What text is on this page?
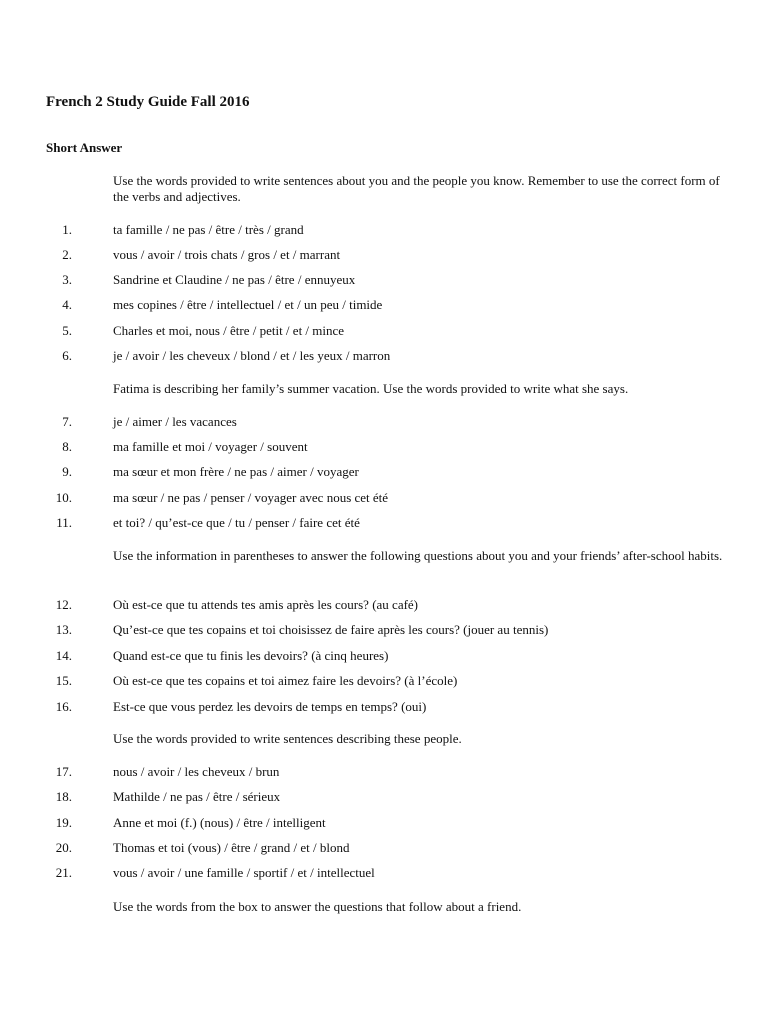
French 2 Study Guide Fall 2016
Short Answer

Use the words provided to write sentences about you and the people you know. Remember to use the correct form of the verbs and adjectives.

1.	ta famille / ne pas / être / très / grand
2.	vous / avoir / trois chats / gros / et / marrant
3.	Sandrine et Claudine / ne pas / être / ennuyeux
4.	mes copines / être / intellectuel / et / un peu / timide
5.	Charles et moi, nous / être / petit / et / mince
6.	je / avoir / les cheveux / blond / et / les yeux / marron

Fatima is describing her family’s summer vacation. Use the words provided to write what she says.

7.	je / aimer / les vacances
8.	ma famille et moi / voyager / souvent
9.	ma sœur et mon frère / ne pas / aimer / voyager
10.	ma sœur / ne pas / penser / voyager avec nous cet été
11.	et toi? / qu’est-ce que / tu / penser / faire cet été

Use the information in parentheses to answer the following questions about you and your friends’ after-school habits.

12.	Où est-ce que tu attends tes amis après les cours? (au café)
13.	Qu’est-ce que tes copains et toi choisissez de faire après les cours? (jouer au tennis)
14.	Quand est-ce que tu finis les devoirs? (à cinq heures)
15.	Où est-ce que tes copains et toi aimez faire les devoirs? (à l’école)
16.	Est-ce que vous perdez les devoirs de temps en temps? (oui)

Use the words provided to write sentences describing these people.

17.	nous / avoir / les cheveux / brun
18.	Mathilde / ne pas / être / sérieux
19.	Anne et moi (f.) (nous) / être / intelligent
20.	Thomas et toi (vous) / être / grand / et / blond
21.	vous / avoir / une famille / sportif / et / intellectuel

Use the words from the box to answer the questions that follow about a friend.
